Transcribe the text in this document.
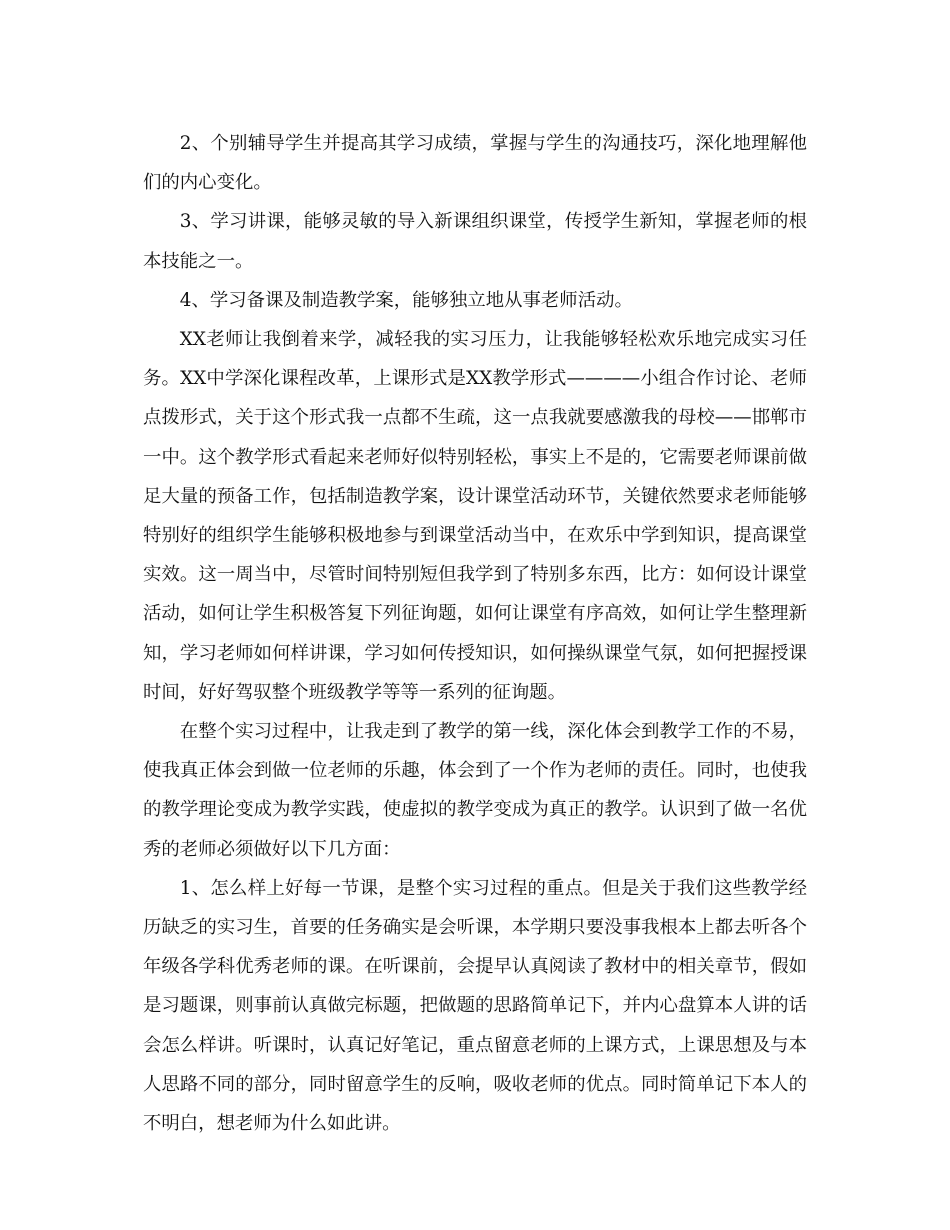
2、个别辅导学生并提高其学习成绩，掌握与学生的沟通技巧，深化地理解他们的内心变化。

3、学习讲课，能够灵敏的导入新课组织课堂，传授学生新知，掌握老师的根本技能之一。

4、学习备课及制造教学案，能够独立地从事老师活动。

XX老师让我倒着来学，减轻我的实习压力，让我能够轻松欢乐地完成实习任务。XX中学深化课程改革，上课形式是XX教学形式————小组合作讨论、老师点拨形式，关于这个形式我一点都不生疏，这一点我就要感激我的母校——邯郸市一中。这个教学形式看起来老师好似特别轻松，事实上不是的，它需要老师课前做足大量的预备工作，包括制造教学案，设计课堂活动环节，关键依然要求老师能够特别好的组织学生能够积极地参与到课堂活动当中，在欢乐中学到知识，提高课堂实效。这一周当中，尽管时间特别短但我学到了特别多东西，比方：如何设计课堂活动，如何让学生积极答复下列征询题，如何让课堂有序高效，如何让学生整理新知，学习老师如何样讲课，学习如何传授知识，如何操纵课堂气氛，如何把握授课时间，好好驾驭整个班级教学等等一系列的征询题。

在整个实习过程中，让我走到了教学的第一线，深化体会到教学工作的不易，使我真正体会到做一位老师的乐趣，体会到了一个作为老师的责任。同时，也使我的教学理论变成为教学实践，使虚拟的教学变成为真正的教学。认识到了做一名优秀的老师必须做好以下几方面：

1、怎么样上好每一节课，是整个实习过程的重点。但是关于我们这些教学经历缺乏的实习生，首要的任务确实是会听课，本学期只要没事我根本上都去听各个年级各学科优秀老师的课。在听课前，会提早认真阅读了教材中的相关章节，假如是习题课，则事前认真做完标题，把做题的思路简单记下，并内心盘算本人讲的话会怎么样讲。听课时，认真记好笔记，重点留意老师的上课方式，上课思想及与本人思路不同的部分，同时留意学生的反响，吸收老师的优点。同时简单记下本人的不明白，想老师为什么如此讲。
